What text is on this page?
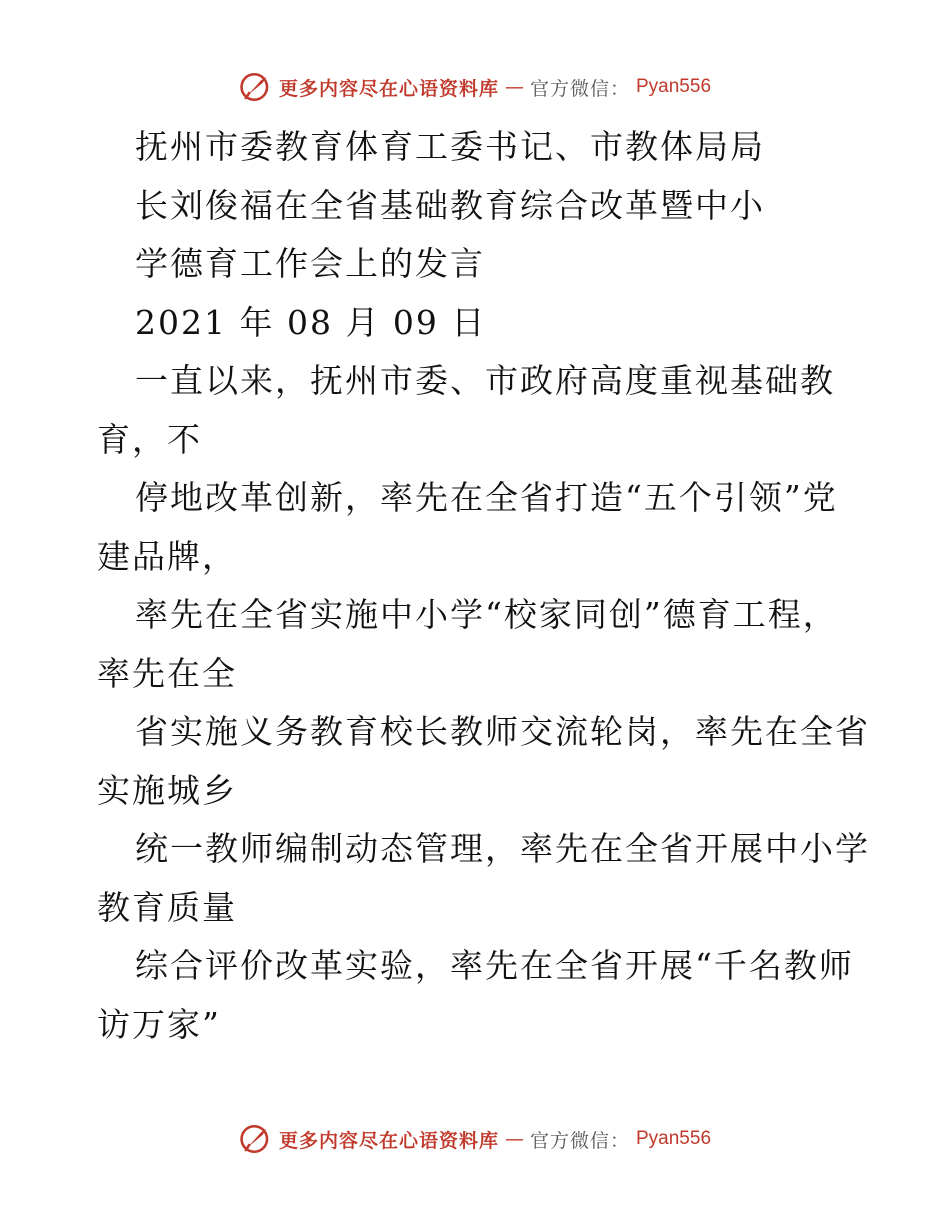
更多内容尽在心语资料库 — 官方微信： Pyan556
抚州市委教育体育工委书记、市教体局局
长刘俊福在全省基础教育综合改革暨中小
学德育工作会上的发言
2021 年 08 月 09 日
一直以来，抚州市委、市政府高度重视基础教
育，不
停地改革创新，率先在全省打造“五个引领”党
建品牌，
率先在全省实施中小学“校家同创”德育工程，
率先在全
省实施义务教育校长教师交流轮岗，率先在全省
实施城乡
统一教师编制动态管理，率先在全省开展中小学
教育质量
综合评价改革实验，率先在全省开展“千名教师
访万家”
更多内容尽在心语资料库 — 官方微信： Pyan556
